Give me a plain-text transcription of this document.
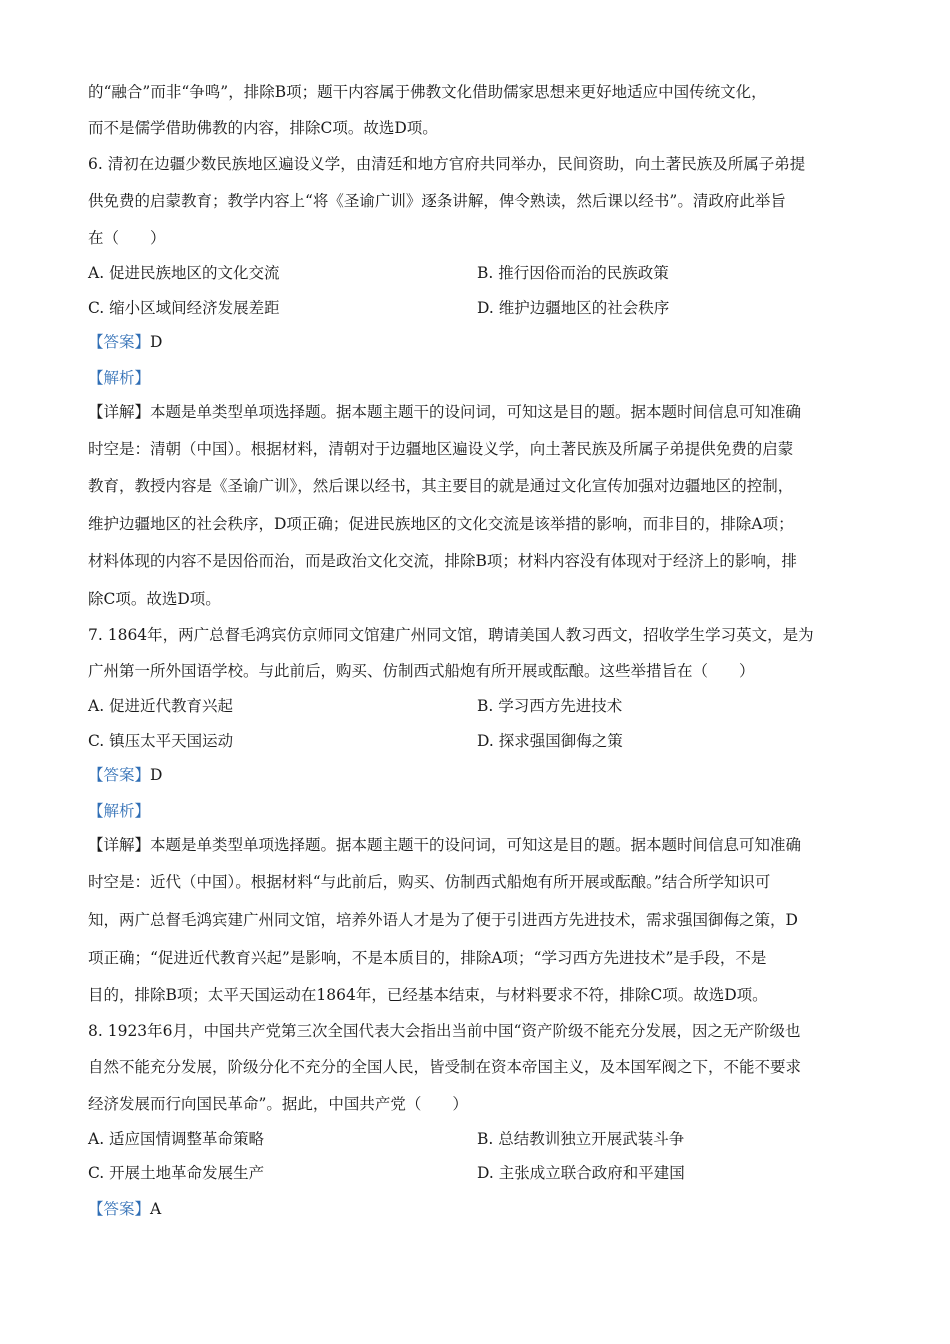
的“融合”而非“争鸣”，排除B项；题干内容属于佛教文化借助儒家思想来更好地适应中国传统文化，
而不是儒学借助佛教的内容，排除C项。故选D项。
6. 清初在边疆少数民族地区遍设义学，由清廷和地方官府共同举办，民间资助，向土著民族及所属子弟提
供免费的启蒙教育；教学内容上“将《圣谕广训》逐条讲解，俾令熟读，然后课以经书”。清政府此举旨
在（　　）
A. 促进民族地区的文化交流	B. 推行因俗而治的民族政策
C. 缩小区域间经济发展差距	D. 维护边疆地区的社会秩序
【答案】D
【解析】
【详解】本题是单类型单项选择题。据本题主题干的设问词，可知这是目的题。据本题时间信息可知准确
时空是：清朝（中国）。根据材料，清朝对于边疆地区遍设义学，向土著民族及所属子弟提供免费的启蒙
教育，教授内容是《圣谕广训》，然后课以经书，其主要目的就是通过文化宣传加强对边疆地区的控制，
维护边疆地区的社会秩序，D项正确；促进民族地区的文化交流是该举措的影响，而非目的，排除A项；
材料体现的内容不是因俗而治，而是政治文化交流，排除B项；材料内容没有体现对于经济上的影响，排
除C项。故选D项。
7. 1864年，两广总督毛鸿宾仿京师同文馆建广州同文馆，聘请美国人教习西文，招收学生学习英文，是为
广州第一所外国语学校。与此前后，购买、仿制西式船炮有所开展或酝酿。这些举措旨在（　　）
A. 促进近代教育兴起	B. 学习西方先进技术
C. 镇压太平天国运动	D. 探求强国御侮之策
【答案】D
【解析】
【详解】本题是单类型单项选择题。据本题主题干的设问词，可知这是目的题。据本题时间信息可知准确
时空是：近代（中国）。根据材料“与此前后，购买、仿制西式船炮有所开展或酝酿。”结合所学知识可
知，两广总督毛鸿宾建广州同文馆，培养外语人才是为了便于引进西方先进技术，需求强国御侮之策，D
项正确；“促进近代教育兴起”是影响，不是本质目的，排除A项；“学习西方先进技术”是手段，不是
目的，排除B项；太平天国运动在1864年，已经基本结束，与材料要求不符，排除C项。故选D项。
8. 1923年6月，中国共产党第三次全国代表大会指出当前中国“资产阶级不能充分发展，因之无产阶级也
自然不能充分发展，阶级分化不充分的全国人民，皆受制在资本帝国主义，及本国军阀之下，不能不要求
经济发展而行向国民革命”。据此，中国共产党（　　）
A. 适应国情调整革命策略	B. 总结教训独立开展武装斗争
C. 开展土地革命发展生产	D. 主张成立联合政府和平建国
【答案】A
